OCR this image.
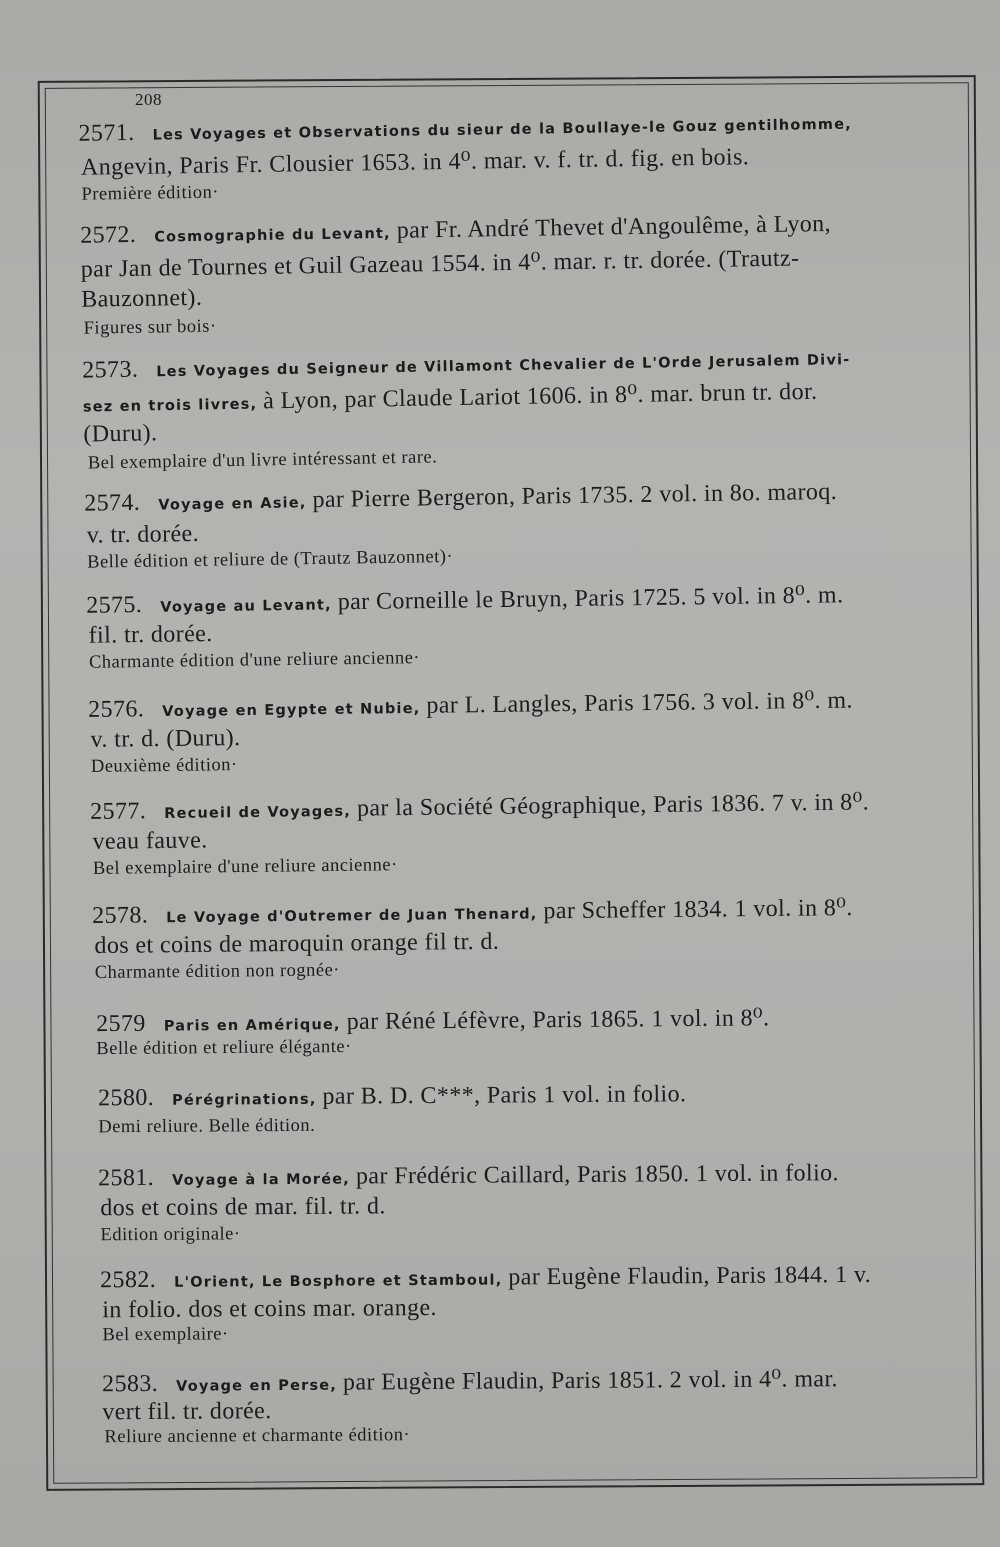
208
2571. Les Voyages et Observations du sieur de la Boullaye-le Gouz gentilhomme,
Angevin, Paris Fr. Clousier 1653. in 4⁰. mar. v. f. tr. d. fig. en bois.
Première édition·
2572. Cosmographie du Levant, par Fr. André Thevet d'Angoulême, à Lyon,
par Jan de Tournes et Guil Gazeau 1554. in 4⁰. mar. r. tr. dorée. (Trautz-
Bauzonnet).
Figures sur bois·
2573. Les Voyages du Seigneur de Villamont Chevalier de L'Orde Jerusalem Divi-
sez en trois livres, à Lyon, par Claude Lariot 1606. in 8⁰. mar. brun tr. dor.
(Duru).
Bel exemplaire d'un livre intéressant et rare.
2574. Voyage en Asie, par Pierre Bergeron, Paris 1735. 2 vol. in 8o. maroq.
v. tr. dorée.
Belle édition et reliure de (Trautz Bauzonnet)·
2575. Voyage au Levant, par Corneille le Bruyn, Paris 1725. 5 vol. in 8⁰. m.
fil. tr. dorée.
Charmante édition d'une reliure ancienne·
2576. Voyage en Egypte et Nubie, par L. Langles, Paris 1756. 3 vol. in 8⁰. m.
v. tr. d. (Duru).
Deuxième édition·
2577. Recueil de Voyages, par la Société Géographique, Paris 1836. 7 v. in 8⁰.
veau fauve.
Bel exemplaire d'une reliure ancienne·
2578. Le Voyage d'Outremer de Juan Thenard, par Scheffer 1834. 1 vol. in 8⁰.
dos et coins de maroquin orange fil tr. d.
Charmante édition non rognée·
2579 Paris en Amérique, par Réné Léfèvre, Paris 1865. 1 vol. in 8⁰.
Belle édition et reliure élégante·
2580. Pérégrinations, par B. D. C***, Paris 1 vol. in folio.
Demi reliure. Belle édition.
2581. Voyage à la Morée, par Frédéric Caillard, Paris 1850. 1 vol. in folio.
dos et coins de mar. fil. tr. d.
Edition originale·
2582. L'Orient, Le Bosphore et Stamboul, par Eugène Flaudin, Paris 1844. 1 v.
in folio. dos et coins mar. orange.
Bel exemplaire·
2583. Voyage en Perse, par Eugène Flaudin, Paris 1851. 2 vol. in 4⁰. mar.
vert fil. tr. dorée.
Reliure ancienne et charmante édition·
